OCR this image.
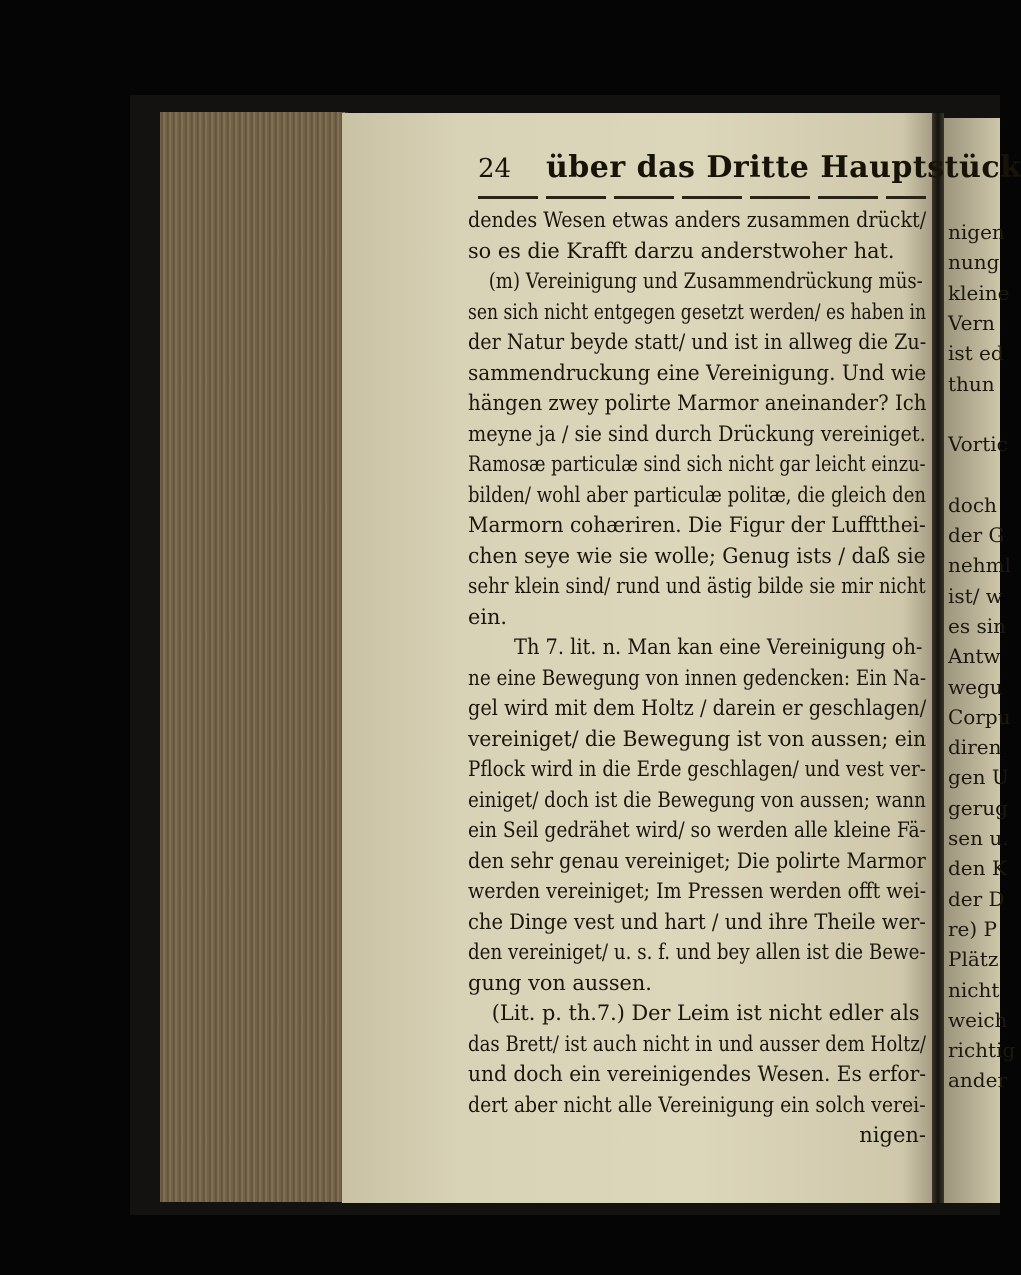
nigen
nung
kleine
Vern
ist ed
thun
Vortic
doch
der G
nehml
ist/ w
es sin
Antw
wegu
Corpu
diren
gen U
gerug
sen u.
den K
der D
re) P
Plätz
nicht
weich
richtig
ander
24 über das Dritte Hauptstück
dendes Wesen etwas anders zusammen drückt/
so es die Krafft darzu anderstwoher hat.
(m) Vereinigung und Zusammendrückung müs-
sen sich nicht entgegen gesetzt werden/ es haben in
der Natur beyde statt/ und ist in allweg die Zu-
sammendruckung eine Vereinigung. Und wie
hängen zwey polirte Marmor aneinander? Ich
meyne ja / sie sind durch Drückung vereiniget.
Ramosæ particulæ sind sich nicht gar leicht einzu-
bilden/ wohl aber particulæ politæ, die gleich den
Marmorn cohæriren. Die Figur der Lufftthei-
chen seye wie sie wolle; Genug ists / daß sie
sehr klein sind/ rund und ästig bilde sie mir nicht
ein.
Th 7. lit. n. Man kan eine Vereinigung oh-
ne eine Bewegung von innen gedencken: Ein Na-
gel wird mit dem Holtz / darein er geschlagen/
vereiniget/ die Bewegung ist von aussen; ein
Pflock wird in die Erde geschlagen/ und vest ver-
einiget/ doch ist die Bewegung von aussen; wann
ein Seil gedrähet wird/ so werden alle kleine Fä-
den sehr genau vereiniget; Die polirte Marmor
werden vereiniget; Im Pressen werden offt wei-
che Dinge vest und hart / und ihre Theile wer-
den vereiniget/ u. s. f. und bey allen ist die Bewe-
gung von aussen.
(Lit. p. th.7.) Der Leim ist nicht edler als
das Brett/ ist auch nicht in und ausser dem Holtz/
und doch ein vereinigendes Wesen. Es erfor-
dert aber nicht alle Vereinigung ein solch verei-
nigen-
